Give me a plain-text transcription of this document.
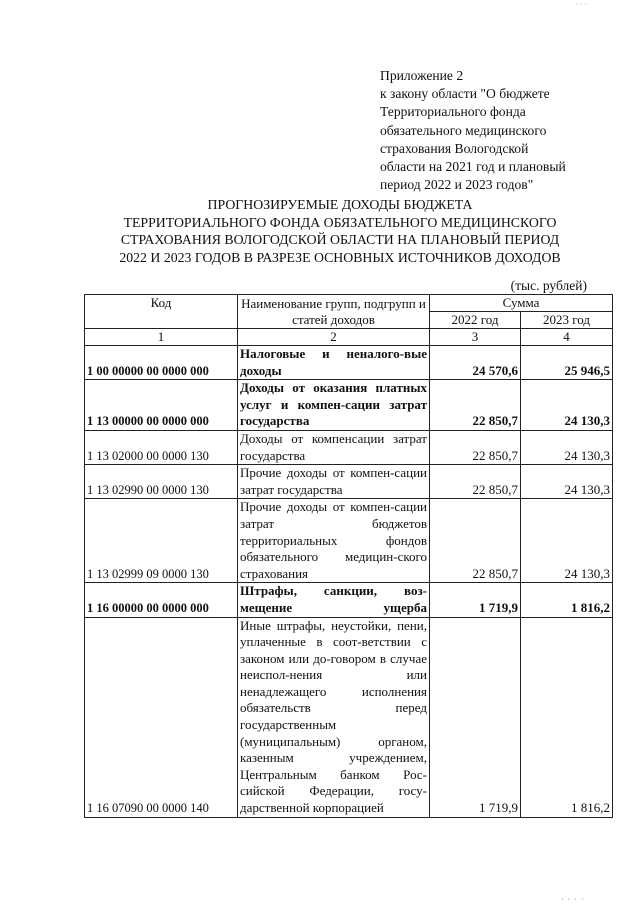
· · ·
Приложение 2
к закону области "О бюджете
Территориального фонда
обязательного медицинского
страхования Вологодской
области на 2021 год и плановый
период 2022 и 2023 годов"
ПРОГНОЗИРУЕМЫЕ ДОХОДЫ БЮДЖЕТА
ТЕРРИТОРИАЛЬНОГО ФОНДА ОБЯЗАТЕЛЬНОГО МЕДИЦИНСКОГО
СТРАХОВАНИЯ ВОЛОГОДСКОЙ ОБЛАСТИ НА ПЛАНОВЫЙ ПЕРИОД
2022 И 2023 ГОДОВ В РАЗРЕЗЕ ОСНОВНЫХ ИСТОЧНИКОВ ДОХОДОВ
(тыс. рублей)
Код	Наименование групп, подгрупп и статей доходов	Сумма	
		2022 год	2023 год
1	2	3	4
1 00 00000 00 0000 000	Налоговые и неналого-вые доходы	24 570,6	25 946,5
1 13 00000 00 0000 000	Доходы от оказания платных услуг и компен-сации затрат государства	22 850,7	24 130,3
1 13 02000 00 0000 130	Доходы от компенсации затрат государства	22 850,7	24 130,3
1 13 02990 00 0000 130	Прочие доходы от компен-сации затрат государства	22 850,7	24 130,3
1 13 02999 09 0000 130	Прочие доходы от компен-сации затрат бюджетов территориальных фондов обязательного медицин-ского страхования	22 850,7	24 130,3
1 16 00000 00 0000 000	Штрафы, санкции, воз-мещение ущерба	1 719,9	1 816,2
1 16 07090 00 0000 140	Иные штрафы, неустойки, пени, уплаченные в соот-ветствии с законом или до-говором в случае неиспол-нения или ненадлежащего исполнения обязательств перед государственным (муниципальным) органом, казенным учреждением, Центральным банком Рос-сийской Федерации, госу-дарственной корпорацией	1 719,9	1 816,2
· · · ·
